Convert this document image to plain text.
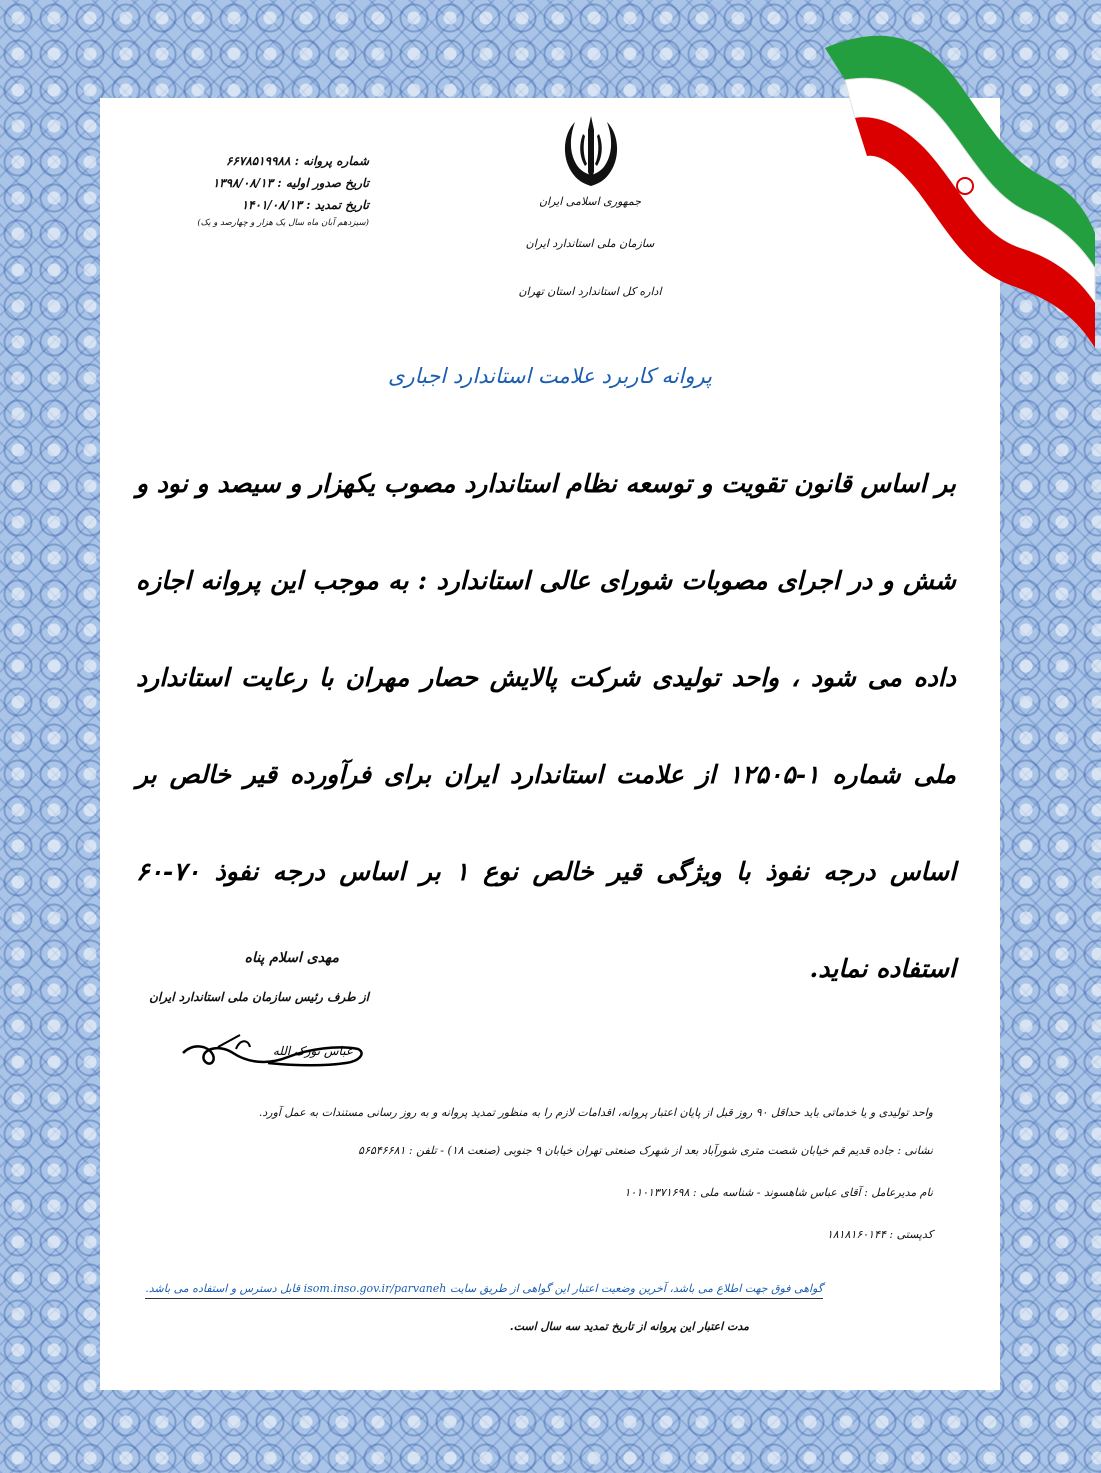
جمهوری اسلامی ایران
سازمان ملی استاندارد ایران
اداره کل استاندارد استان تهران
شماره پروانه : ۶۶۷۸۵۱۹۹۸۸
تاریخ صدور اولیه : ۱۳۹۸/۰۸/۱۳
تاریخ تمدید : ۱۴۰۱/۰۸/۱۳
(سیزدهم آبان ماه سال یک هزار و چهارصد و یک)
پروانه کاربرد علامت استاندارد اجباری
بر اساس قانون تقویت و توسعه نظام استاندارد مصوب یکهزار و سیصد و نود و شش و در اجرای مصوبات شورای عالی استاندارد : به موجب این پروانه اجازه داده می شود ، واحد تولیدی شرکت پالایش حصار مهران با رعایت استاندارد ملی شماره ۱-۱۲۵۰۵ از علامت استاندارد ایران برای فرآورده قیر خالص بر اساس درجه نفوذ با ویژگی قیر خالص نوع ۱ بر اساس درجه نفوذ ۷۰-۶۰ استفاده نماید.
مهدی اسلام پناه
از طرف رئیس سازمان ملی استاندارد ایران
عباس نورک الله
واحد تولیدی و یا خدماتی باید حداقل ۹۰ روز قبل از پایان اعتبار پروانه، اقدامات لازم را به منظور تمدید پروانه و به روز رسانی مستندات به عمل آورد.
نشانی : جاده قدیم قم خیابان شصت متری شورآباد بعد از شهرک صنعتی تهران خیابان ۹ جنوبی (صنعت ۱۸) - تلفن : ۵۶۵۴۶۶۸۱
نام مدیرعامل : آقای عباس شاهسوند - شناسه ملی : ۱۰۱۰۱۳۷۱۶۹۸
کدپستی : ۱۸۱۸۱۶۰۱۴۴
گواهی فوق جهت اطلاع می باشد، آخرین وضعیت اعتبار این گواهی از طریق سایت isom.inso.gov.ir/parvaneh قابل دسترس و استفاده می باشد.
مدت اعتبار این پروانه از تاریخ تمدید سه سال است.
